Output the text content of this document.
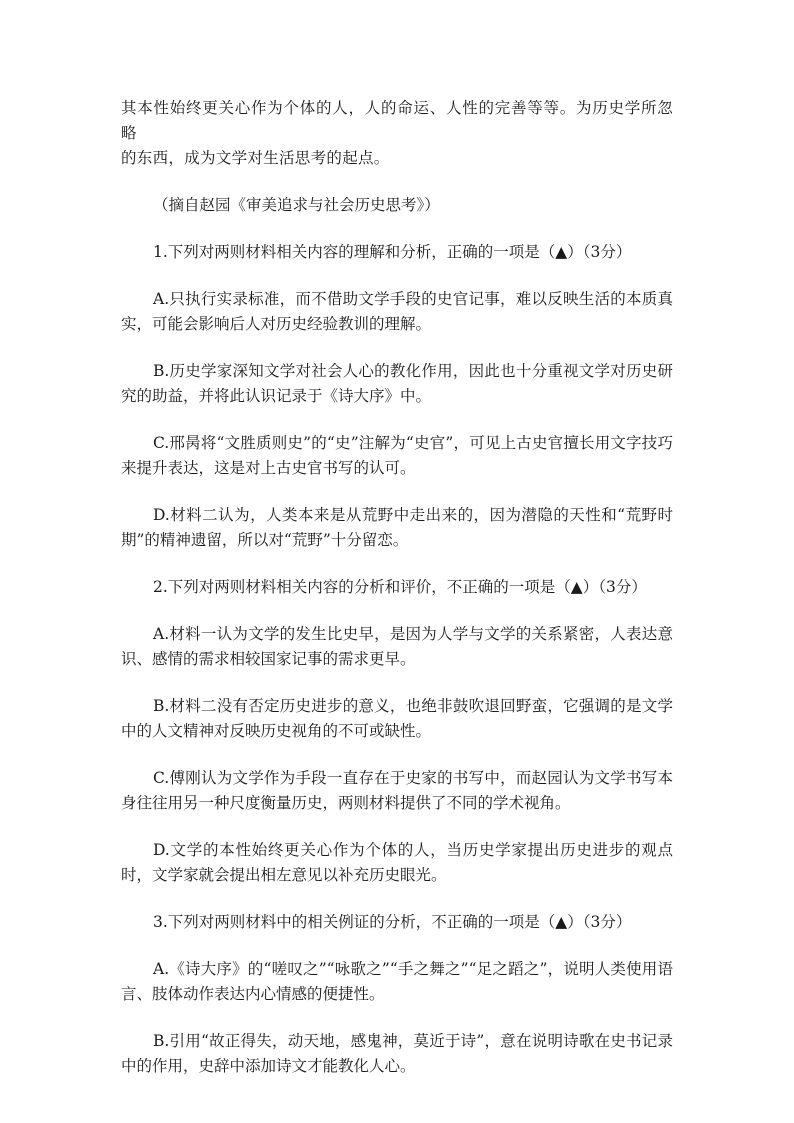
其本性始终更关心作为个体的人，人的命运、人性的完善等等。为历史学所忽略

的东西，成为文学对生活思考的起点。

（摘自赵园《审美追求与社会历史思考》）

1.下列对两则材料相关内容的理解和分析，正确的一项是（▲）（3分）

A.只执行实录标准，而不借助文学手段的史官记事，难以反映生活的本质真实，可能会影响后人对历史经验教训的理解。

B.历史学家深知文学对社会人心的教化作用，因此也十分重视文学对历史研究的助益，并将此认识记录于《诗大序》中。

C.邢昺将“文胜质则史”的“史”注解为“史官”，可见上古史官擅长用文字技巧来提升表达，这是对上古史官书写的认可。

D.材料二认为，人类本来是从荒野中走出来的，因为潜隐的天性和“荒野时期”的精神遗留，所以对“荒野”十分留恋。

2.下列对两则材料相关内容的分析和评价，不正确的一项是（▲）（3分）

A.材料一认为文学的发生比史早，是因为人学与文学的关系紧密，人表达意识、感情的需求相较国家记事的需求更早。

B.材料二没有否定历史进步的意义，也绝非鼓吹退回野蛮，它强调的是文学中的人文精神对反映历史视角的不可或缺性。

C.傅刚认为文学作为手段一直存在于史家的书写中，而赵园认为文学书写本身往往用另一种尺度衡量历史，两则材料提供了不同的学术视角。

D.文学的本性始终更关心作为个体的人，当历史学家提出历史进步的观点时，文学家就会提出相左意见以补充历史眼光。

3.下列对两则材料中的相关例证的分析，不正确的一项是（▲）（3分）

A.《诗大序》的“嗟叹之”“咏歌之”“手之舞之”“足之蹈之”，说明人类使用语言、肢体动作表达内心情感的便捷性。

B.引用“故正得失，动天地，感鬼神，莫近于诗”，意在说明诗歌在史书记录中的作用，史辞中添加诗文才能教化人心。
